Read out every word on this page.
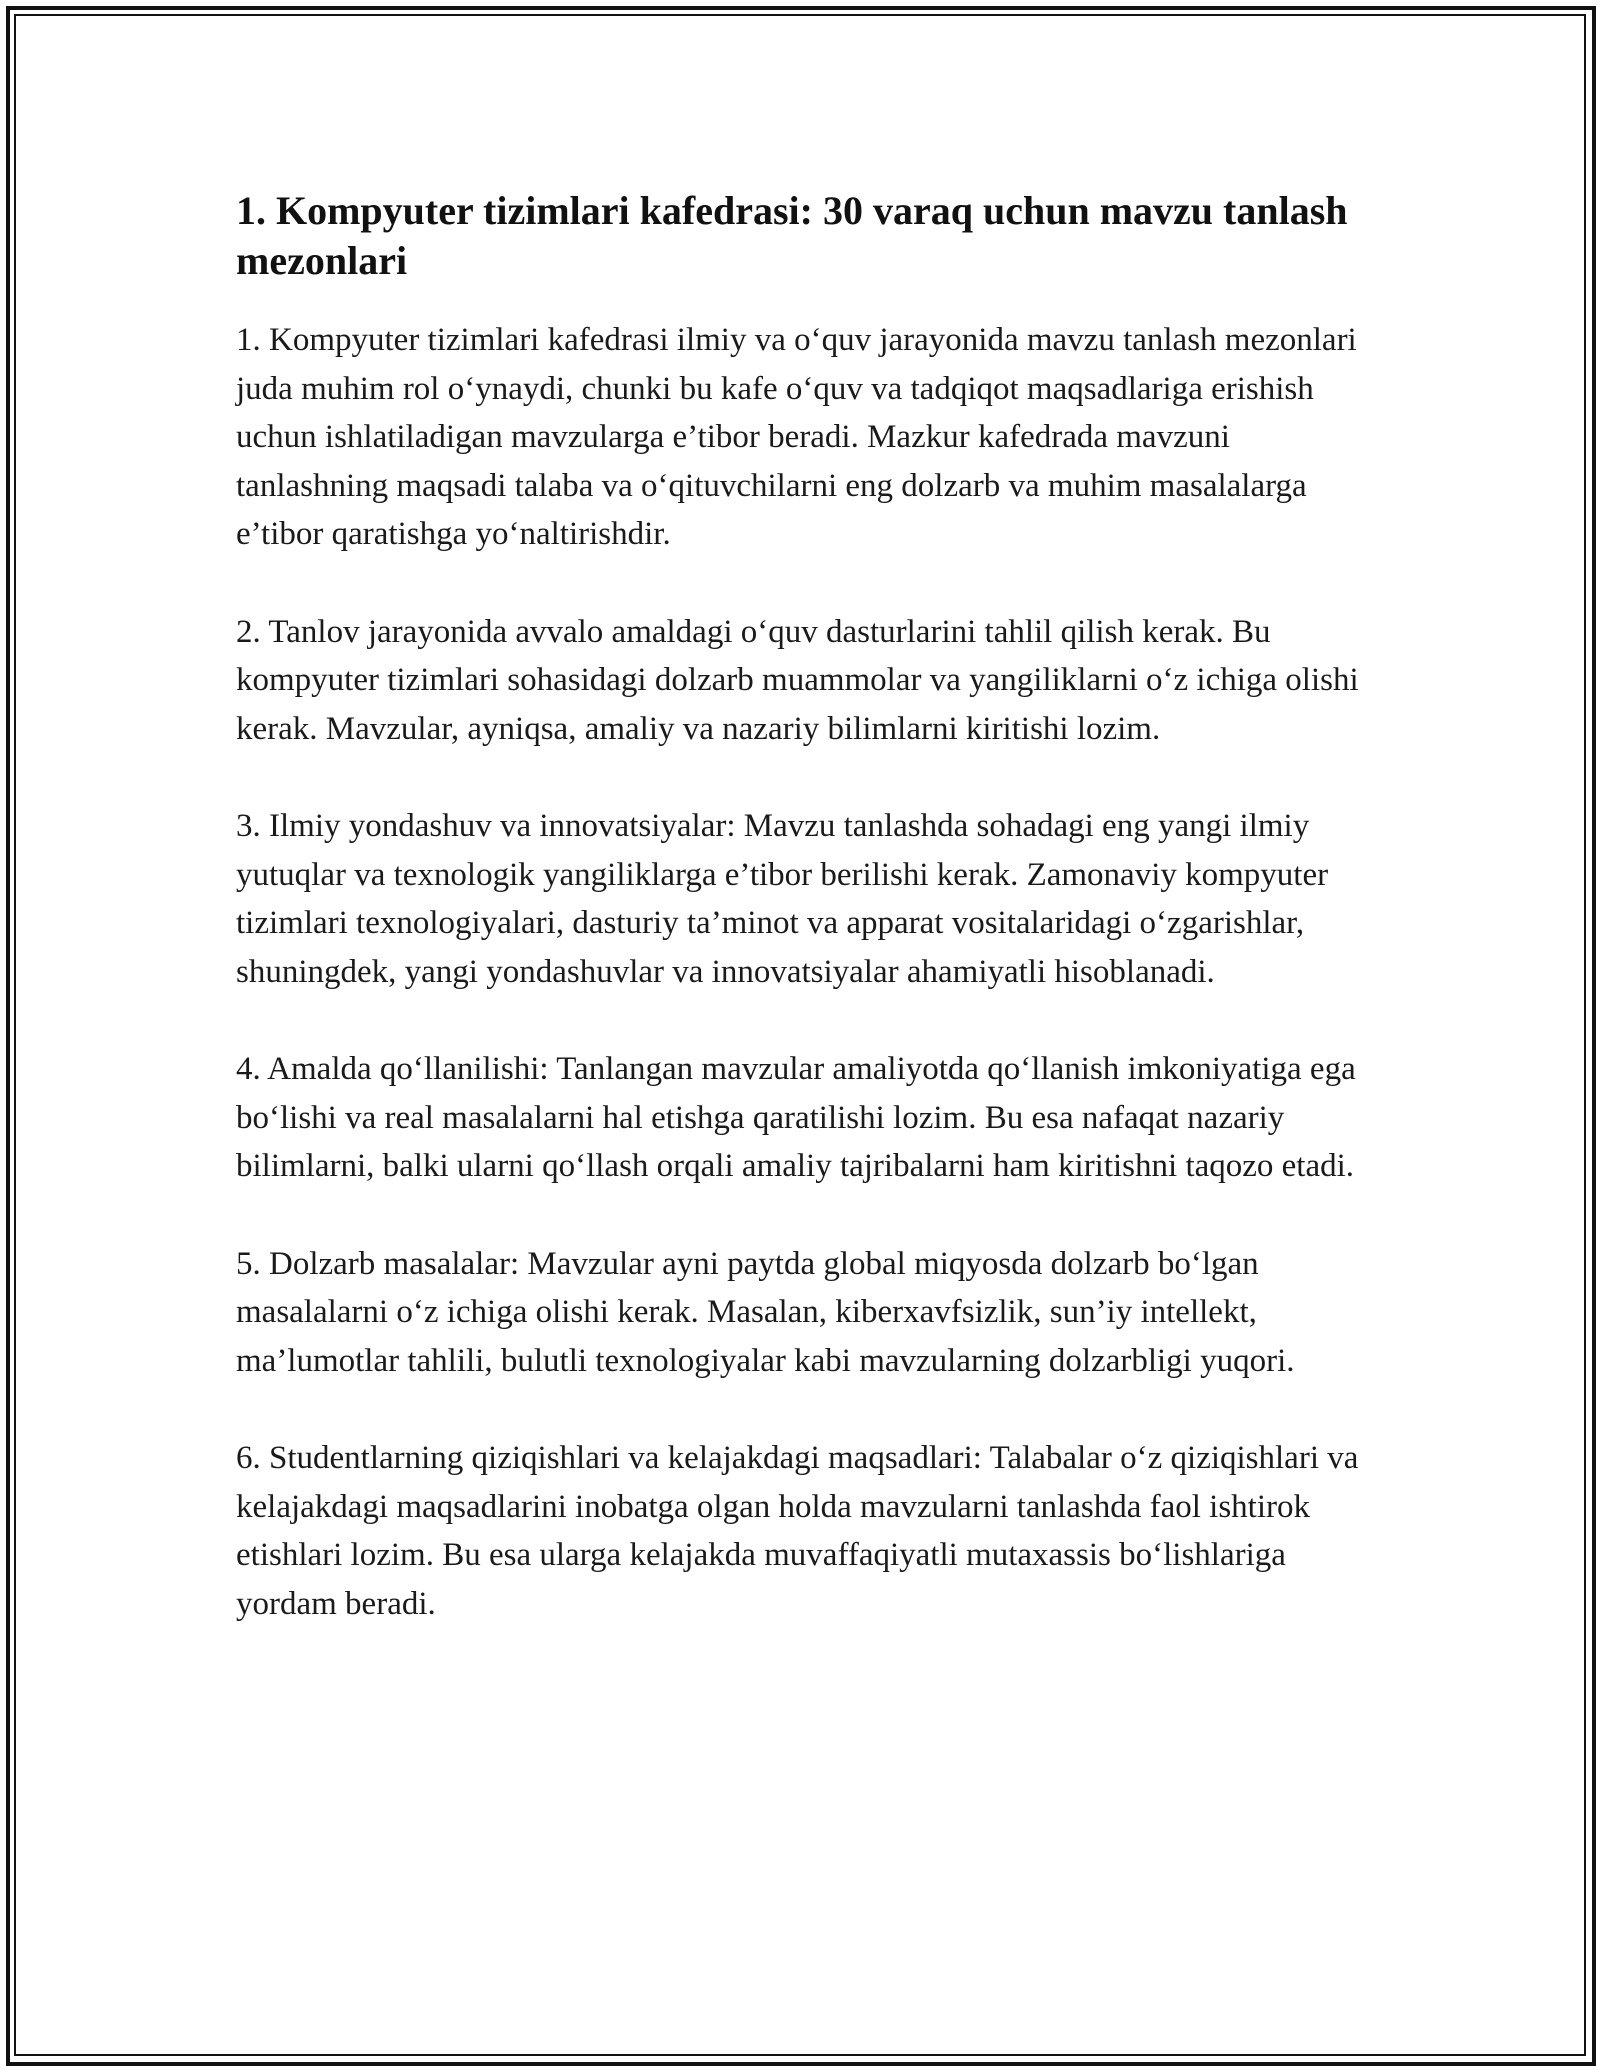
1. Kompyuter tizimlari kafedrasi: 30 varaq uchun mavzu tanlash mezonlari

1. Kompyuter tizimlari kafedrasi ilmiy va o‘quv jarayonida mavzu tanlash mezonlari juda muhim rol o‘ynaydi, chunki bu kafe o‘quv va tadqiqot maqsadlariga erishish uchun ishlatiladigan mavzularga e’tibor beradi. Mazkur kafedrada mavzuni tanlashning maqsadi talaba va o‘qituvchilarni eng dolzarb va muhim masalalarga e’tibor qaratishga yo‘naltirishdir.

2. Tanlov jarayonida avvalo amaldagi o‘quv dasturlarini tahlil qilish kerak. Bu kompyuter tizimlari sohasidagi dolzarb muammolar va yangiliklarni o‘z ichiga olishi kerak. Mavzular, ayniqsa, amaliy va nazariy bilimlarni kiritishi lozim.

3. Ilmiy yondashuv va innovatsiyalar: Mavzu tanlashda sohadagi eng yangi ilmiy yutuqlar va texnologik yangiliklarga e’tibor berilishi kerak. Zamonaviy kompyuter tizimlari texnologiyalari, dasturiy ta’minot va apparat vositalaridagi o‘zgarishlar, shuningdek, yangi yondashuvlar va innovatsiyalar ahamiyatli hisoblanadi.

4. Amalda qo‘llanilishi: Tanlangan mavzular amaliyotda qo‘llanish imkoniyatiga ega bo‘lishi va real masalalarni hal etishga qaratilishi lozim. Bu esa nafaqat nazariy bilimlarni, balki ularni qo‘llash orqali amaliy tajribalarni ham kiritishni taqozo etadi.

5. Dolzarb masalalar: Mavzular ayni paytda global miqyosda dolzarb bo‘lgan masalalarni o‘z ichiga olishi kerak. Masalan, kiberxavfsizlik, sun’iy intellekt, ma’lumotlar tahlili, bulutli texnologiyalar kabi mavzularning dolzarbligi yuqori.

6. Studentlarning qiziqishlari va kelajakdagi maqsadlari: Talabalar o‘z qiziqishlari va kelajakdagi maqsadlarini inobatga olgan holda mavzularni tanlashda faol ishtirok etishlari lozim. Bu esa ularga kelajakda muvaffaqiyatli mutaxassis bo‘lishlariga yordam beradi.
